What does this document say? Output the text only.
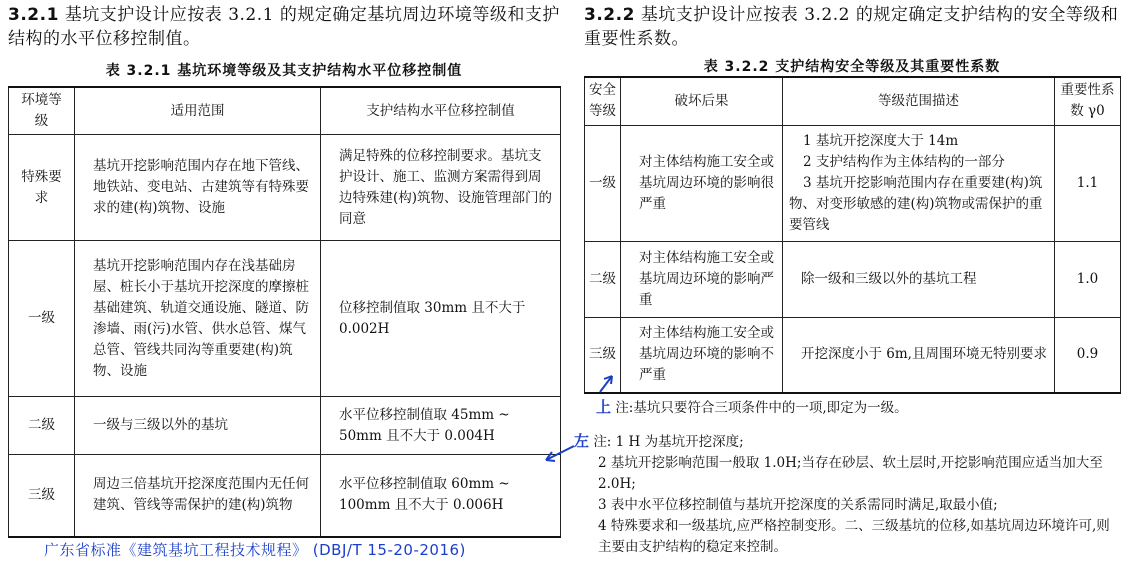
3.2.1 基坑支护设计应按表 3.2.1 的规定确定基坑周边环境等级和支护结构的水平位移控制值。
表 3.2.1 基坑环境等级及其支护结构水平位移控制值
环境等级	适用范围	支护结构水平位移控制值
特殊要求	基坑开挖影响范围内存在地下管线、地铁站、变电站、古建筑等有特殊要求的建(构)筑物、设施	满足特殊的位移控制要求。基坑支护设计、施工、监测方案需得到周边特殊建(构)筑物、设施管理部门的同意
一级	基坑开挖影响范围内存在浅基础房屋、桩长小于基坑开挖深度的摩擦桩基础建筑、轨道交通设施、隧道、防渗墙、雨(污)水管、供水总管、煤气总管、管线共同沟等重要建(构)筑物、设施	位移控制值取 30mm 且不大于 0.002H
二级	一级与三级以外的基坑	水平位移控制值取 45mm ~ 50mm 且不大于 0.004H
三级	周边三倍基坑开挖深度范围内无任何建筑、管线等需保护的建(构)筑物	水平位移控制值取 60mm ~ 100mm 且不大于 0.006H
广东省标准《建筑基坑工程技术规程》 (DBJ/T 15-20-2016)
3.2.2 基坑支护设计应按表 3.2.2 的规定确定支护结构的安全等级和重要性系数。
表 3.2.2 支护结构安全等级及其重要性系数
安全等级	破坏后果	等级范围描述	重要性系数 γ0
一级	对主体结构施工安全或基坑周边环境的影响很严重	1 基坑开挖深度大于 14m
2 支护结构作为主体结构的一部分
3 基坑开挖影响范围内存在重要建(构)筑物、对变形敏感的建(构)筑物或需保护的重要管线	1.1
二级	对主体结构施工安全或基坑周边环境的影响严重	除一级和三级以外的基坑工程	1.0
三级	对主体结构施工安全或基坑周边环境的影响不严重	开挖深度小于 6m,且周围环境无特别要求	0.9
上 注:基坑只要符合三项条件中的一项,即定为一级。
左 注: 1 H 为基坑开挖深度;
2 基坑开挖影响范围一般取 1.0H;当存在砂层、软土层时,开挖影响范围应适当加大至 2.0H;
3 表中水平位移控制值与基坑开挖深度的关系需同时满足,取最小值;
4 特殊要求和一级基坑,应严格控制变形。二、三级基坑的位移,如基坑周边环境许可,则主要由支护结构的稳定来控制。
